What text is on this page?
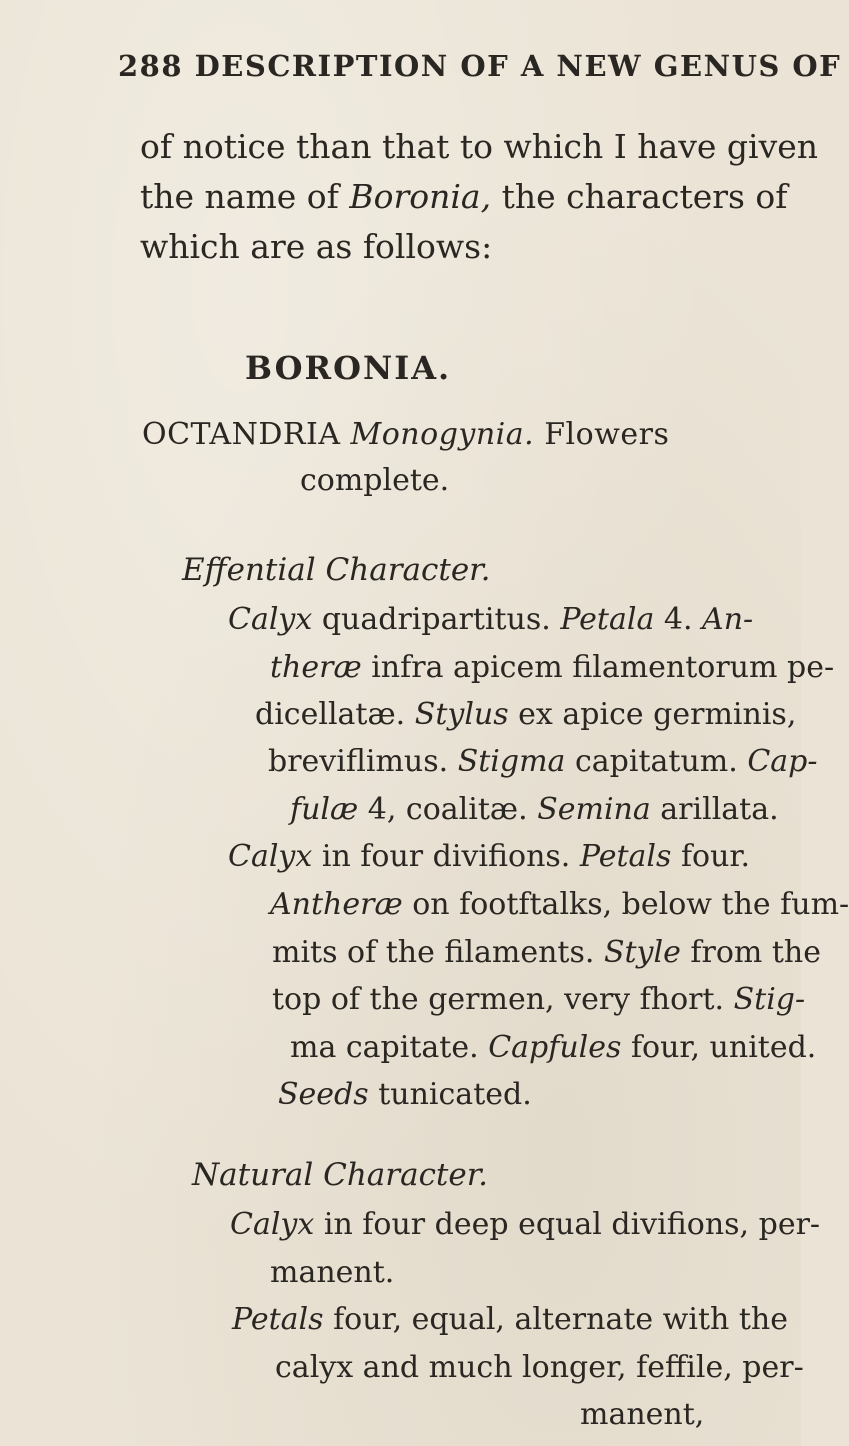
288 DESCRIPTION OF A NEW GENUS OF
of notice than that to which I have given
the name of Boronia, the characters of
which are as follows:
BORONIA.
OCTANDRIA Monogynia. Flowers
complete.
Effential Character.
Calyx quadripartitus. Petala 4. An-
theræ infra apicem filamentorum pe-
dicellatæ. Stylus ex apice germinis,
breviflimus. Stigma capitatum. Cap-
fulæ 4, coalitæ. Semina arillata.
Calyx in four divifions. Petals four.
Antheræ on footftalks, below the fum-
mits of the filaments. Style from the
top of the germen, very fhort. Stig-
ma capitate. Capfules four, united.
Seeds tunicated.
Natural Character.
Calyx in four deep equal divifions, per-
manent.
Petals four, equal, alternate with the
calyx and much longer, feffile, per-
manent,
